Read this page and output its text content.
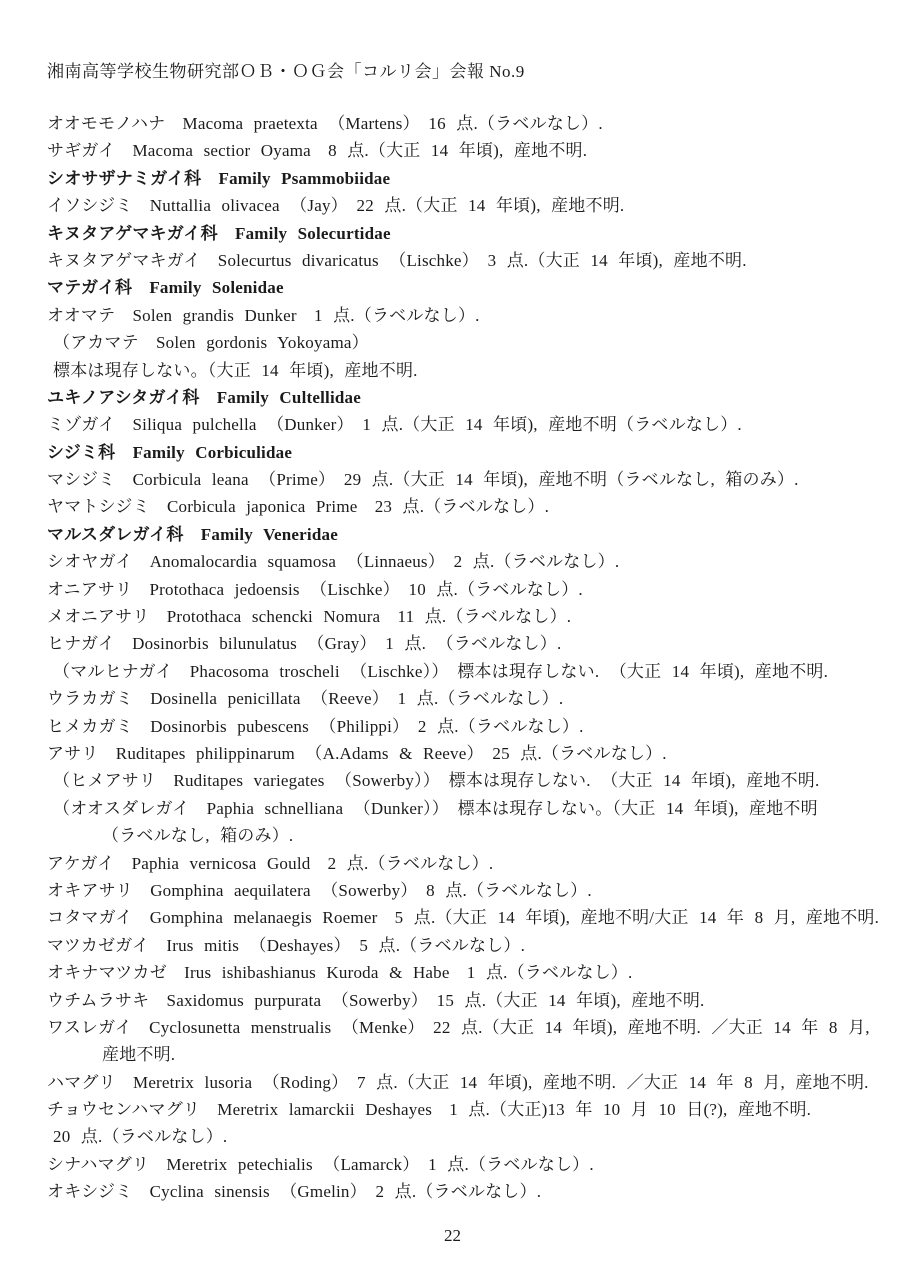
湘南高等学校生物研究部ＯＢ・ＯＧ会「コルリ会」会報 No.9
オオモモノハナ　Macoma praetexta （Martens）　16 点.（ラベルなし）.
サギガイ　Macoma sectior Oyama　8 点.（大正 14 年頃), 産地不明.
シオサザナミガイ科　Family Psammobiidae
イソシジミ　Nuttallia olivacea （Jay）　22 点.（大正 14 年頃), 産地不明.
キヌタアゲマキガイ科　Family Solecurtidae
キヌタアゲマキガイ　Solecurtus divaricatus （Lischke）　3 点.（大正 14 年頃), 産地不明.
マテガイ科　Family Solenidae
オオマテ　Solen grandis Dunker　1 点.（ラベルなし）.
（アカマテ　Solen gordonis Yokoyama）
標本は現存しない。（大正 14 年頃), 産地不明.
ユキノアシタガイ科　Family Cultellidae
ミゾガイ　Siliqua pulchella （Dunker）　1 点.（大正 14 年頃), 産地不明（ラベルなし）.
シジミ科　Family Corbiculidae
マシジミ　Corbicula leana （Prime）　29 点.（大正 14 年頃), 産地不明（ラベルなし, 箱のみ）.
ヤマトシジミ　Corbicula japonica Prime　23 点.（ラベルなし）.
マルスダレガイ科　Family Veneridae
シオヤガイ　Anomalocardia squamosa （Linnaeus）　2 点.（ラベルなし）.
オニアサリ　Protothaca jedoensis （Lischke）　10 点.（ラベルなし）.
メオニアサリ　Protothaca schencki Nomura　11 点.（ラベルなし）.
ヒナガイ　Dosinorbis bilunulatus （Gray）　1 点. （ラベルなし）.
（マルヒナガイ　Phacosoma troscheli （Lischke））　標本は現存しない. （大正 14 年頃), 産地不明.
ウラカガミ　Dosinella penicillata （Reeve）　1 点.（ラベルなし）.
ヒメカガミ　Dosinorbis pubescens （Philippi）　2 点.（ラベルなし）.
アサリ　Ruditapes philippinarum （A.Adams & Reeve）　25 点.（ラベルなし）.
（ヒメアサリ　Ruditapes variegates （Sowerby））　標本は現存しない. （大正 14 年頃), 産地不明.
（オオスダレガイ　Paphia schnelliana （Dunker））　標本は現存しない。（大正 14 年頃), 産地不明
（ラベルなし, 箱のみ）.
アケガイ　Paphia vernicosa Gould　2 点.（ラベルなし）.
オキアサリ　Gomphina aequilatera （Sowerby）　8 点.（ラベルなし）.
コタマガイ　Gomphina melanaegis Roemer　5 点.（大正 14 年頃), 産地不明/大正 14 年 8 月, 産地不明.
マツカゼガイ　Irus mitis （Deshayes）　5 点.（ラベルなし）.
オキナマツカゼ　Irus ishibashianus Kuroda & Habe　1 点.（ラベルなし）.
ウチムラサキ　Saxidomus purpurata （Sowerby）　15 点.（大正 14 年頃), 産地不明.
ワスレガイ　Cyclosunetta menstrualis （Menke）　22 点.（大正 14 年頃), 産地不明. ／大正 14 年 8 月,
産地不明.
ハマグリ　Meretrix lusoria （Roding）　7 点.（大正 14 年頃), 産地不明. ／大正 14 年 8 月, 産地不明.
チョウセンハマグリ　Meretrix lamarckii Deshayes　1 点.（大正)13 年 10 月 10 日(?), 産地不明.
20 点.（ラベルなし）.
シナハマグリ　Meretrix petechialis （Lamarck）　1 点.（ラベルなし）.
オキシジミ　Cyclina sinensis （Gmelin）　2 点.（ラベルなし）.
22
